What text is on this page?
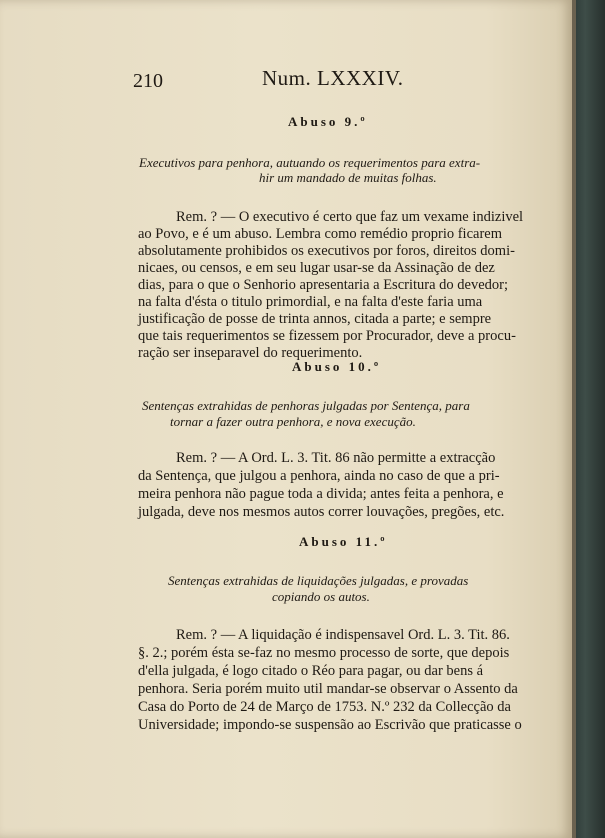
210	Num. LXXXIV.
Abuso 9.º
Executivos para penhora, autuando os requerimentos para extra-
hir um mandado de muitas folhas.
Rem. ? — O executivo é certo que faz um vexame indizivel
ao Povo, e é um abuso. Lembra como remédio proprio ficarem
absolutamente prohibidos os executivos por foros, direitos domi-
nicaes, ou censos, e em seu lugar usar-se da Assinação de dez
dias, para o que o Senhorio apresentaria a Escritura do devedor;
na falta d'ésta o titulo primordial, e na falta d'este faria uma
justificação de posse de trinta annos, citada a parte; e sempre
que tais requerimentos se fizessem por Procurador, deve a procu-
ração ser inseparavel do requerimento.
Abuso 10.º
Sentenças extrahidas de penhoras julgadas por Sentença, para
tornar a fazer outra penhora, e nova execução.
Rem. ? — A Ord. L. 3. Tit. 86 não permitte a extracção
da Sentença, que julgou a penhora, ainda no caso de que a pri-
meira penhora não pague toda a divida; antes feita a penhora, e
julgada, deve nos mesmos autos correr louvações, pregões, etc.
Abuso 11.º
Sentenças extrahidas de liquidações julgadas, e provadas
copiando os autos.
Rem. ? — A liquidação é indispensavel Ord. L. 3. Tit. 86.
§. 2.; porém ésta se-faz no mesmo processo de sorte, que depois
d'ella julgada, é logo citado o Réo para pagar, ou dar bens á
penhora. Seria porém muito util mandar-se observar o Assento da
Casa do Porto de 24 de Março de 1753. N.º 232 da Collecção da
Universidade; impondo-se suspensão ao Escrivão que praticasse o
